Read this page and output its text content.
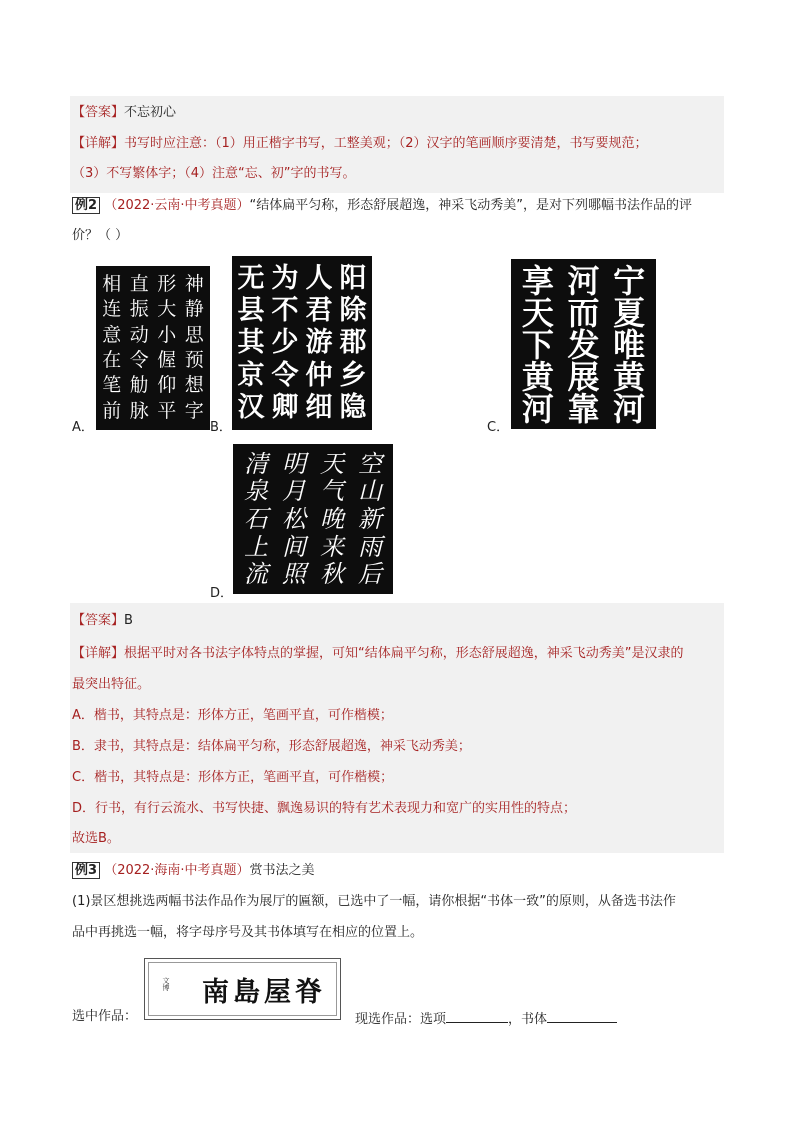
【答案】不忘初心
【详解】书写时应注意：（1）用正楷字书写，工整美观；（2）汉字的笔画顺序要清楚，书写要规范；
（3）不写繁体字；（4）注意“忘、初”字的书写。
例2 （2022·云南·中考真题）“结体扁平匀称，形态舒展超逸，神采飞动秀美”，是对下列哪幅书法作品的评
价？（ ）
神
静
思
预
想
字
形
大
小
偓
仰
平
直
振
动
令
觔
脉
相
连
意
在
笔
前
A．
阳
除
郡
乡
隐
人
君
游
仲
细
为
不
少
令
卿
无
县
其
京
汉
B．
宁
夏
唯
黄
河
河
而
发
展
靠
享
天
下
黄
河
C．
空
山
新
雨
后
天
气
晚
来
秋
明
月
松
间
照
清
泉
石
上
流
D．
【答案】B
【详解】根据平时对各书法字体特点的掌握，可知“结体扁平匀称，形态舒展超逸，神采飞动秀美”是汉隶的
最突出特征。
A．楷书，其特点是：形体方正，笔画平直，可作楷模；
B．隶书，其特点是：结体扁平匀称，形态舒展超逸，神采飞动秀美；
C．楷书，其特点是：形体方正，笔画平直，可作楷模；
D．行书，有行云流水、书写快捷、飘逸易识的特有艺术表现力和宽广的实用性的特点；
故选B。
例3 （2022·海南·中考真题）赏书法之美
(1)景区想挑选两幅书法作品作为展厅的匾额，已选中了一幅，请你根据“书体一致”的原则，从备选书法作
品中再挑选一幅，将字母序号及其书体填写在相应的位置上。
选中作品：
文博 南島屋脊
现选作品：选项	，书体
